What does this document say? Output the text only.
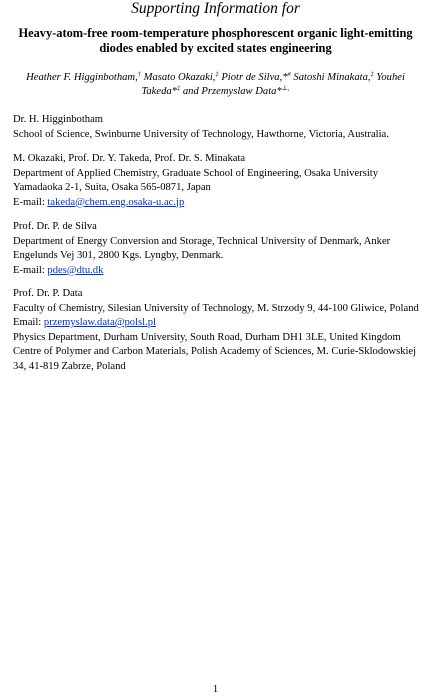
Supporting Information for
Heavy-atom-free room-temperature phosphorescent organic light-emitting diodes enabled by excited states engineering
Heather F. Higginbotham,† Masato Okazaki,‡ Piotr de Silva,*# Satoshi Minakata,‡ Youhei Takeda*‡ and Przemyslaw Data*⊥,
Dr. H. Higginbotham
School of Science, Swinburne University of Technology, Hawthorne, Victoria, Australia.
M. Okazaki, Prof. Dr. Y. Takeda, Prof. Dr. S. Minakata
Department of Applied Chemistry, Graduate School of Engineering, Osaka University
Yamadaoka 2-1, Suita, Osaka 565-0871, Japan
E-mail: takeda@chem.eng.osaka-u.ac.jp
Prof. Dr. P. de Silva
Department of Energy Conversion and Storage, Technical University of Denmark, Anker Engelunds Vej 301, 2800 Kgs. Lyngby, Denmark.
E-mail: pdes@dtu.dk
Prof. Dr. P. Data
Faculty of Chemistry, Silesian University of Technology, M. Strzody 9, 44-100 Gliwice, Poland
Email: przemyslaw.data@polsl.pl
Physics Department, Durham University, South Road, Durham DH1 3LE, United Kingdom
Centre of Polymer and Carbon Materials, Polish Academy of Sciences, M. Curie-Sklodowskiej 34, 41-819 Zabrze, Poland
1
